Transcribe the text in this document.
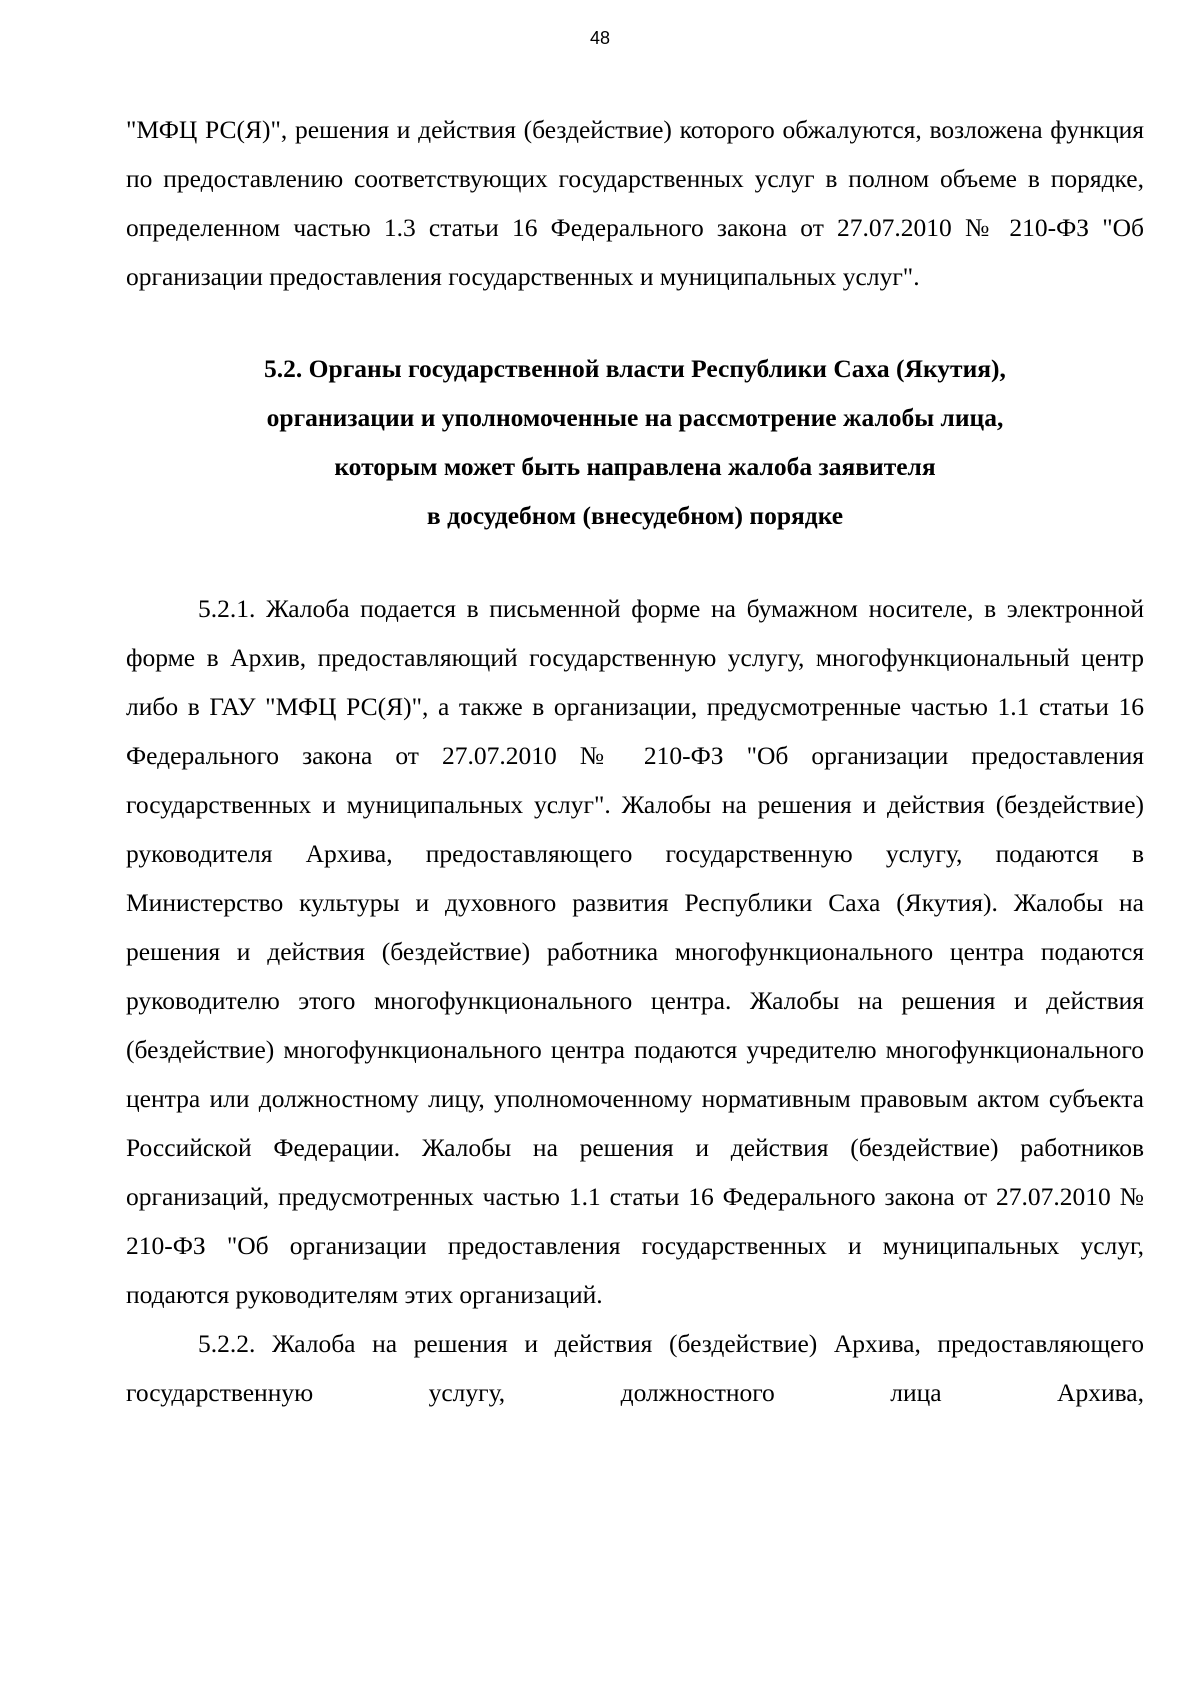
48

"МФЦ РС(Я)", решения и действия (бездействие) которого обжалуются, возложена функция по предоставлению соответствующих государственных услуг в полном объеме в порядке, определенном частью 1.3 статьи 16 Федерального закона от 27.07.2010 № 210-ФЗ "Об организации предоставления государственных и муниципальных услуг".

5.2. Органы государственной власти Республики Саха (Якутия),
организации и уполномоченные на рассмотрение жалобы лица,
которым может быть направлена жалоба заявителя
в досудебном (внесудебном) порядке

5.2.1. Жалоба подается в письменной форме на бумажном носителе, в электронной форме в Архив, предоставляющий государственную услугу, многофункциональный центр либо в ГАУ "МФЦ РС(Я)", а также в организации, предусмотренные частью 1.1 статьи 16 Федерального закона от 27.07.2010 № 210-ФЗ "Об организации предоставления государственных и муниципальных услуг". Жалобы на решения и действия (бездействие) руководителя Архива, предоставляющего государственную услугу, подаются в Министерство культуры и духовного развития Республики Саха (Якутия). Жалобы на решения и действия (бездействие) работника многофункционального центра подаются руководителю этого многофункционального центра. Жалобы на решения и действия (бездействие) многофункционального центра подаются учредителю многофункционального центра или должностному лицу, уполномоченному нормативным правовым актом субъекта Российской Федерации. Жалобы на решения и действия (бездействие) работников организаций, предусмотренных частью 1.1 статьи 16 Федерального закона от 27.07.2010 № 210-ФЗ "Об организации предоставления государственных и муниципальных услуг, подаются руководителям этих организаций.

5.2.2. Жалоба на решения и действия (бездействие) Архива, предоставляющего государственную услугу, должностного лица Архива,
